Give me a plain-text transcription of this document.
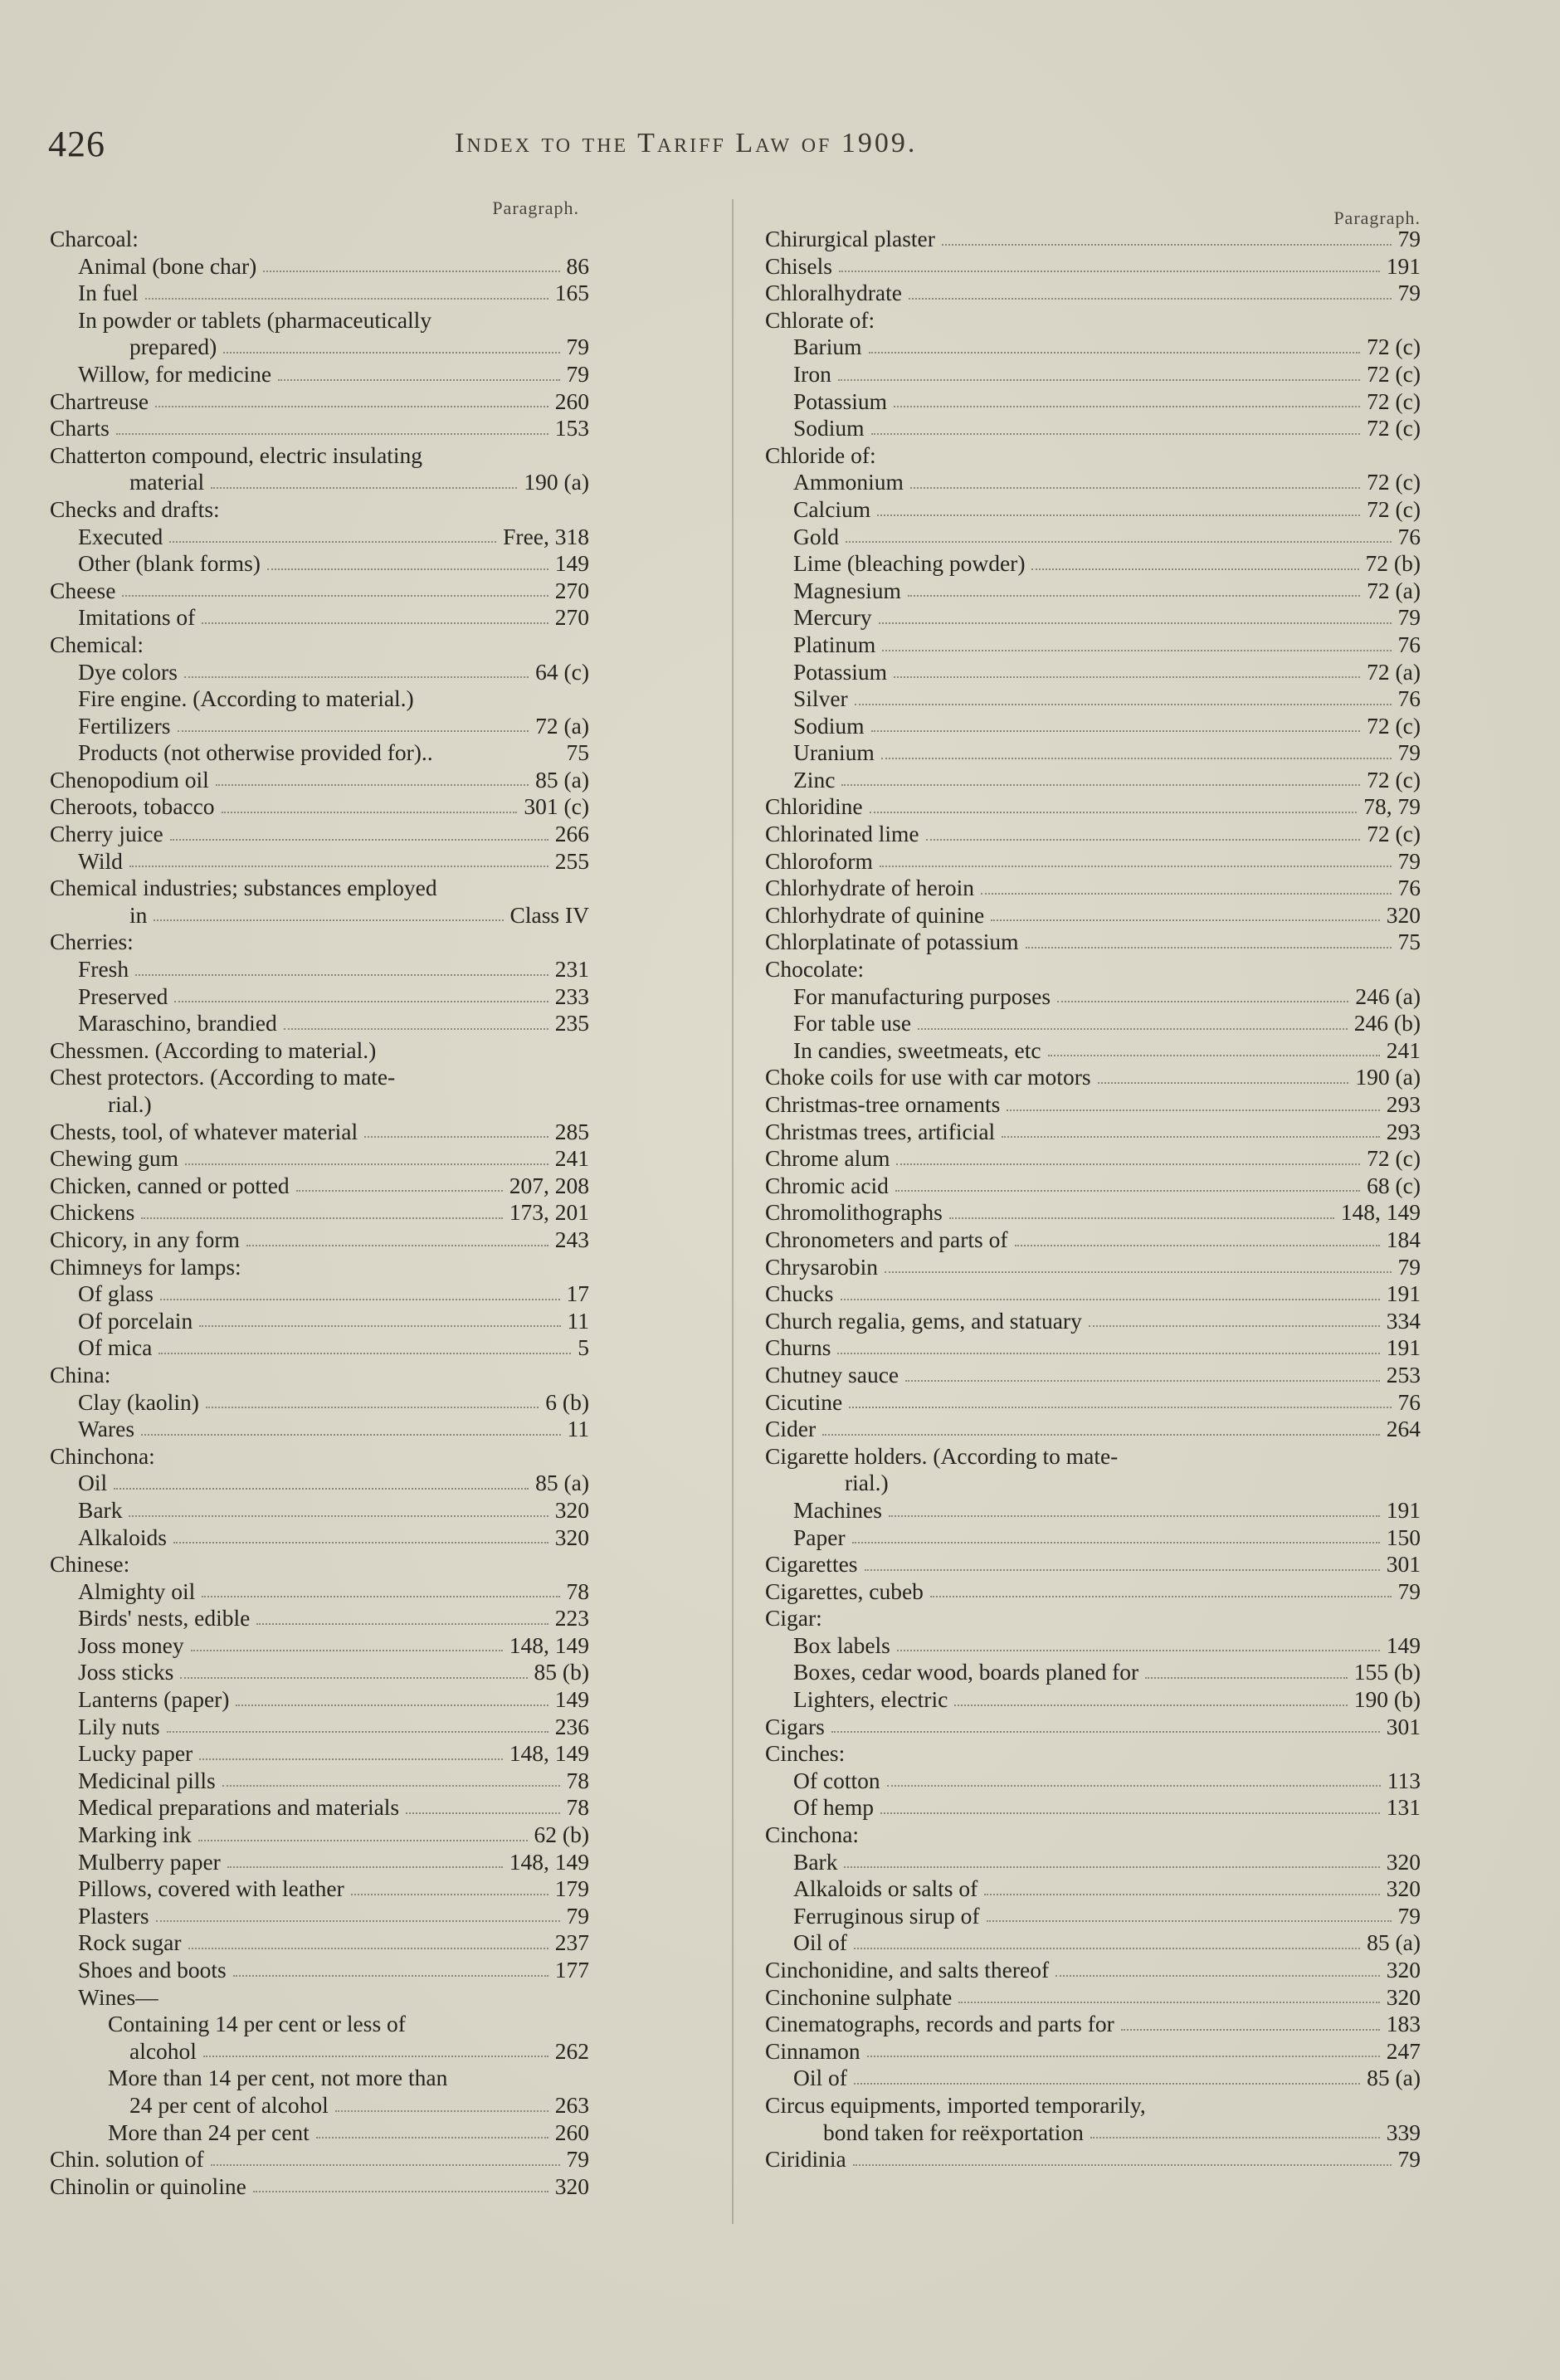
426	Index to the Tariff Law of 1909.
Paragraph.
Charcoal:
Animal (bone char)	86
In fuel	165
In powder or tablets (pharmaceutically
prepared)	79
Willow, for medicine	79
Chartreuse	260
Charts	153
Chatterton compound, electric insulating
material	190 (a)
Checks and drafts:
Executed	Free, 318
Other (blank forms)	149
Cheese	270
Imitations of	270
Chemical:
Dye colors	64 (c)
Fire engine. (According to material.)
Fertilizers	72 (a)
Products (not otherwise provided for)..	75
Chenopodium oil	85 (a)
Cheroots, tobacco	301 (c)
Cherry juice	266
Wild	255
Chemical industries; substances employed
in	Class IV
Cherries:
Fresh	231
Preserved	233
Maraschino, brandied	235
Chessmen. (According to material.)
Chest protectors. (According to mate-
rial.)
Chests, tool, of whatever material	285
Chewing gum	241
Chicken, canned or potted	207, 208
Chickens	173, 201
Chicory, in any form	243
Chimneys for lamps:
Of glass	17
Of porcelain	11
Of mica	5
China:
Clay (kaolin)	6 (b)
Wares	11
Chinchona:
Oil	85 (a)
Bark	320
Alkaloids	320
Chinese:
Almighty oil	78
Birds' nests, edible	223
Joss money	148, 149
Joss sticks	85 (b)
Lanterns (paper)	149
Lily nuts	236
Lucky paper	148, 149
Medicinal pills	78
Medical preparations and materials	78
Marking ink	62 (b)
Mulberry paper	148, 149
Pillows, covered with leather	179
Plasters	79
Rock sugar	237
Shoes and boots	177
Wines—
Containing 14 per cent or less of
alcohol	262
More than 14 per cent, not more than
24 per cent of alcohol	263
More than 24 per cent	260
Chin. solution of	79
Chinolin or quinoline	320
Paragraph.
Chirurgical plaster	79
Chisels	191
Chloralhydrate	79
Chlorate of:
Barium	72 (c)
Iron	72 (c)
Potassium	72 (c)
Sodium	72 (c)
Chloride of:
Ammonium	72 (c)
Calcium	72 (c)
Gold	76
Lime (bleaching powder)	72 (b)
Magnesium	72 (a)
Mercury	79
Platinum	76
Potassium	72 (a)
Silver	76
Sodium	72 (c)
Uranium	79
Zinc	72 (c)
Chloridine	78, 79
Chlorinated lime	72 (c)
Chloroform	79
Chlorhydrate of heroin	76
Chlorhydrate of quinine	320
Chlorplatinate of potassium	75
Chocolate:
For manufacturing purposes	246 (a)
For table use	246 (b)
In candies, sweetmeats, etc	241
Choke coils for use with car motors	190 (a)
Christmas-tree ornaments	293
Christmas trees, artificial	293
Chrome alum	72 (c)
Chromic acid	68 (c)
Chromolithographs	148, 149
Chronometers and parts of	184
Chrysarobin	79
Chucks	191
Church regalia, gems, and statuary	334
Churns	191
Chutney sauce	253
Cicutine	76
Cider	264
Cigarette holders. (According to mate-
rial.)
Machines	191
Paper	150
Cigarettes	301
Cigarettes, cubeb	79
Cigar:
Box labels	149
Boxes, cedar wood, boards planed for	155 (b)
Lighters, electric	190 (b)
Cigars	301
Cinches:
Of cotton	113
Of hemp	131
Cinchona:
Bark	320
Alkaloids or salts of	320
Ferruginous sirup of	79
Oil of	85 (a)
Cinchonidine, and salts thereof	320
Cinchonine sulphate	320
Cinematographs, records and parts for	183
Cinnamon	247
Oil of	85 (a)
Circus equipments, imported temporarily,
bond taken for reëxportation	339
Ciridinia	79
